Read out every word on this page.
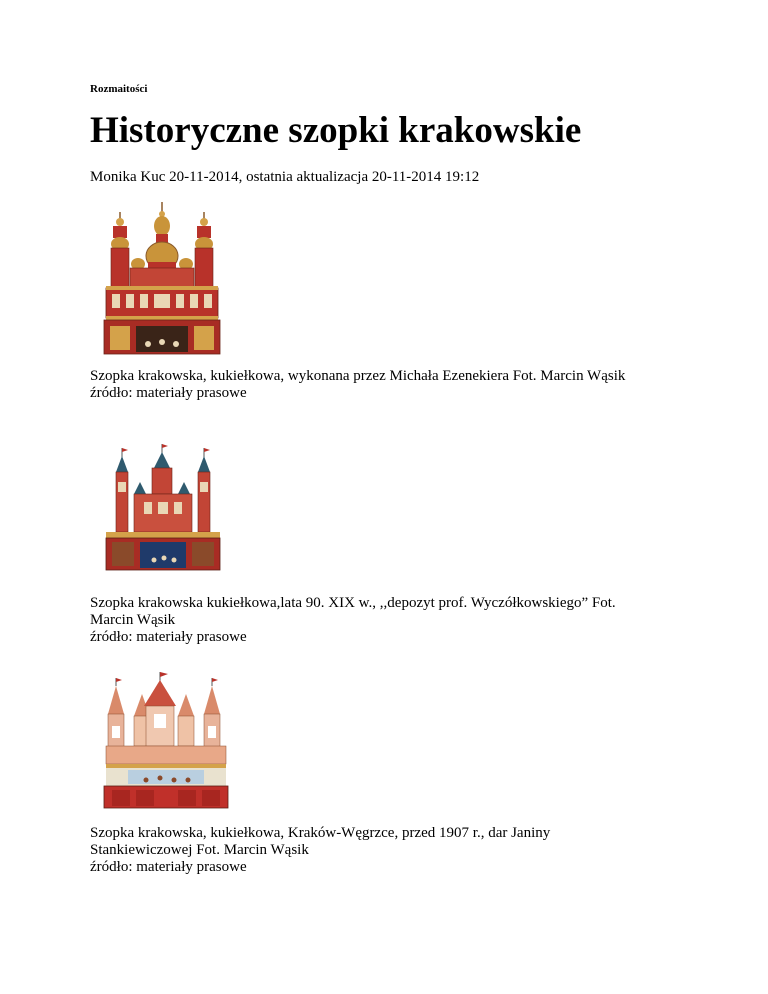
Rozmaitości
Historyczne szopki krakowskie
Monika Kuc 20-11-2014, ostatnia aktualizacja 20-11-2014 19:12
Szopka krakowska, kukiełkowa, wykonana przez Michała Ezenekiera Fot. Marcin Wąsik
źródło: materiały prasowe
Szopka krakowska kukiełkowa,lata 90. XIX w., ,,depozyt prof. Wyczółkowskiego” Fot.
Marcin Wąsik
źródło: materiały prasowe
Szopka krakowska, kukiełkowa, Kraków-Węgrzce, przed 1907 r., dar Janiny
Stankiewiczowej Fot. Marcin Wąsik
źródło: materiały prasowe
